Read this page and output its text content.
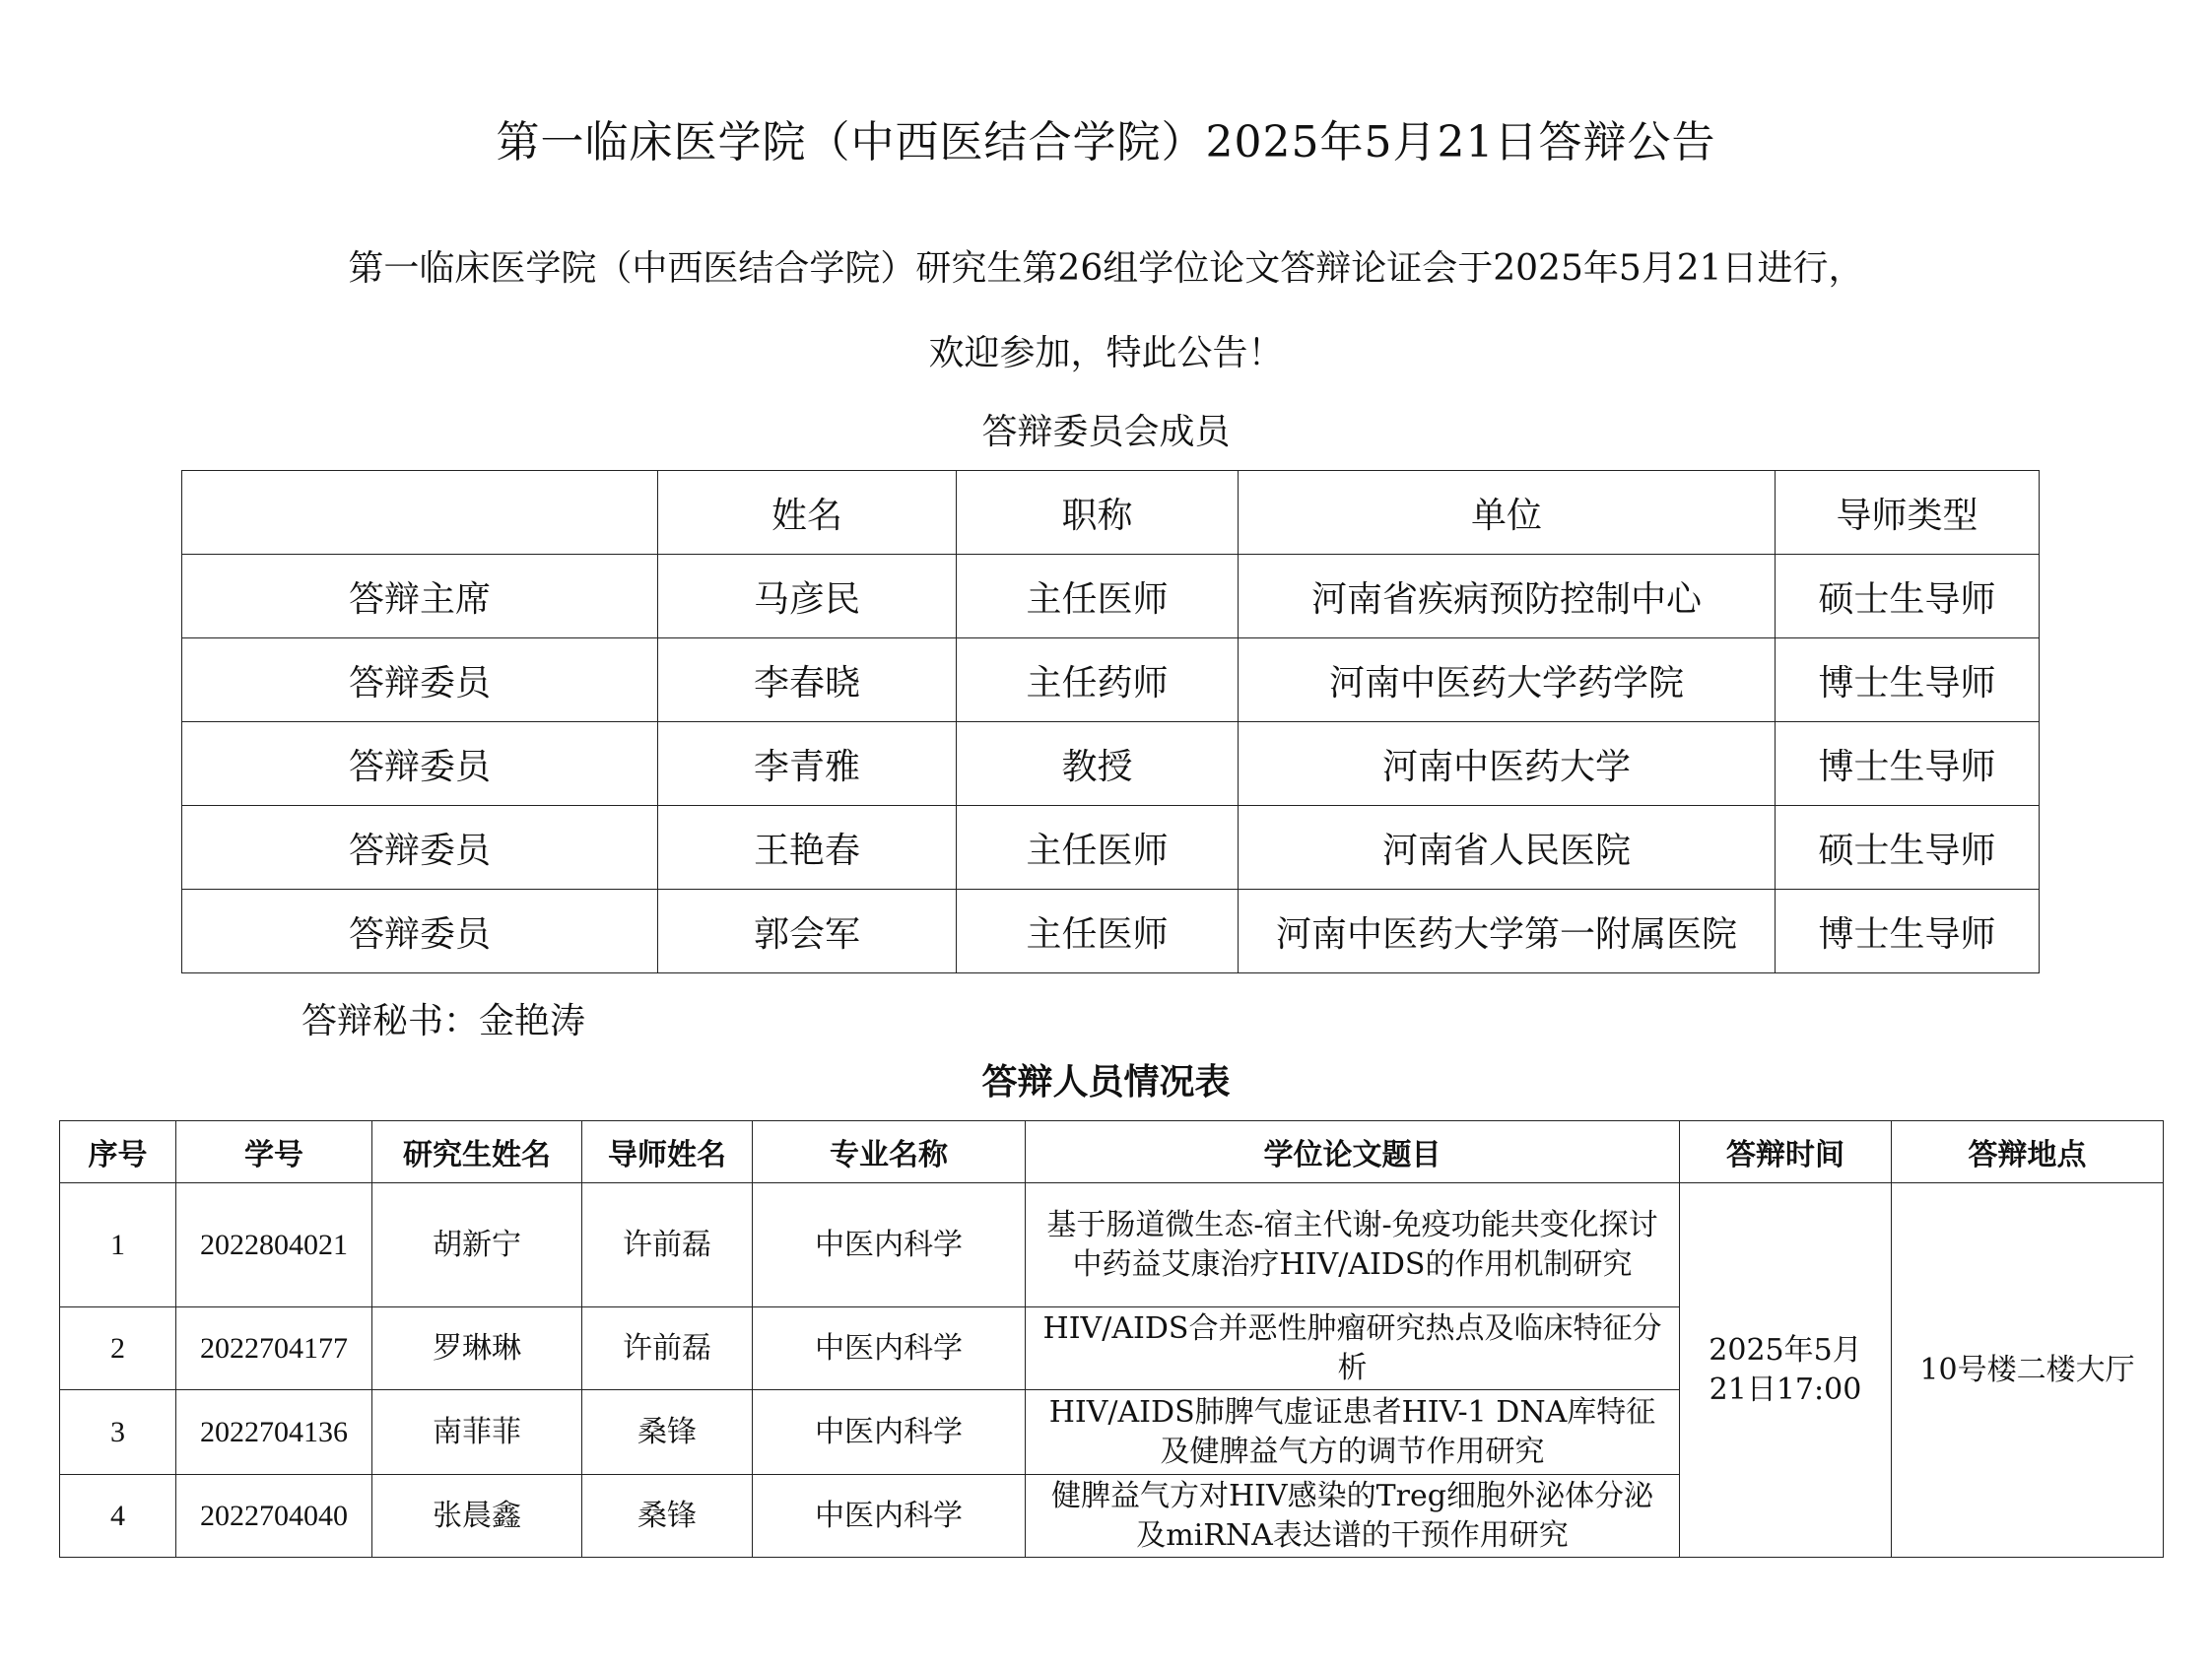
第一临床医学院（中西医结合学院）2025年5月21日答辩公告
第一临床医学院（中西医结合学院）研究生第26组学位论文答辩论证会于2025年5月21日进行，
欢迎参加，特此公告！
答辩委员会成员
	姓名	职称	单位	导师类型
答辩主席	马彦民	主任医师	河南省疾病预防控制中心	硕士生导师
答辩委员	李春晓	主任药师	河南中医药大学药学院	博士生导师
答辩委员	李青雅	教授	河南中医药大学	博士生导师
答辩委员	王艳春	主任医师	河南省人民医院	硕士生导师
答辩委员	郭会军	主任医师	河南中医药大学第一附属医院	博士生导师
答辩秘书：金艳涛
答辩人员情况表
序号	学号	研究生姓名	导师姓名	专业名称	学位论文题目	答辩时间	答辩地点
1	2022804021	胡新宁	许前磊	中医内科学	基于肠道微生态-宿主代谢-免疫功能共变化探讨中药益艾康治疗HIV/AIDS的作用机制研究	2025年5月21日17:00	10号楼二楼大厅
2	2022704177	罗琳琳	许前磊	中医内科学	HIV/AIDS合并恶性肿瘤研究热点及临床特征分析		
3	2022704136	南菲菲	桑锋	中医内科学	HIV/AIDS肺脾气虚证患者HIV-1 DNA库特征及健脾益气方的调节作用研究		
4	2022704040	张晨鑫	桑锋	中医内科学	健脾益气方对HIV感染的Treg细胞外泌体分泌及miRNA表达谱的干预作用研究		
